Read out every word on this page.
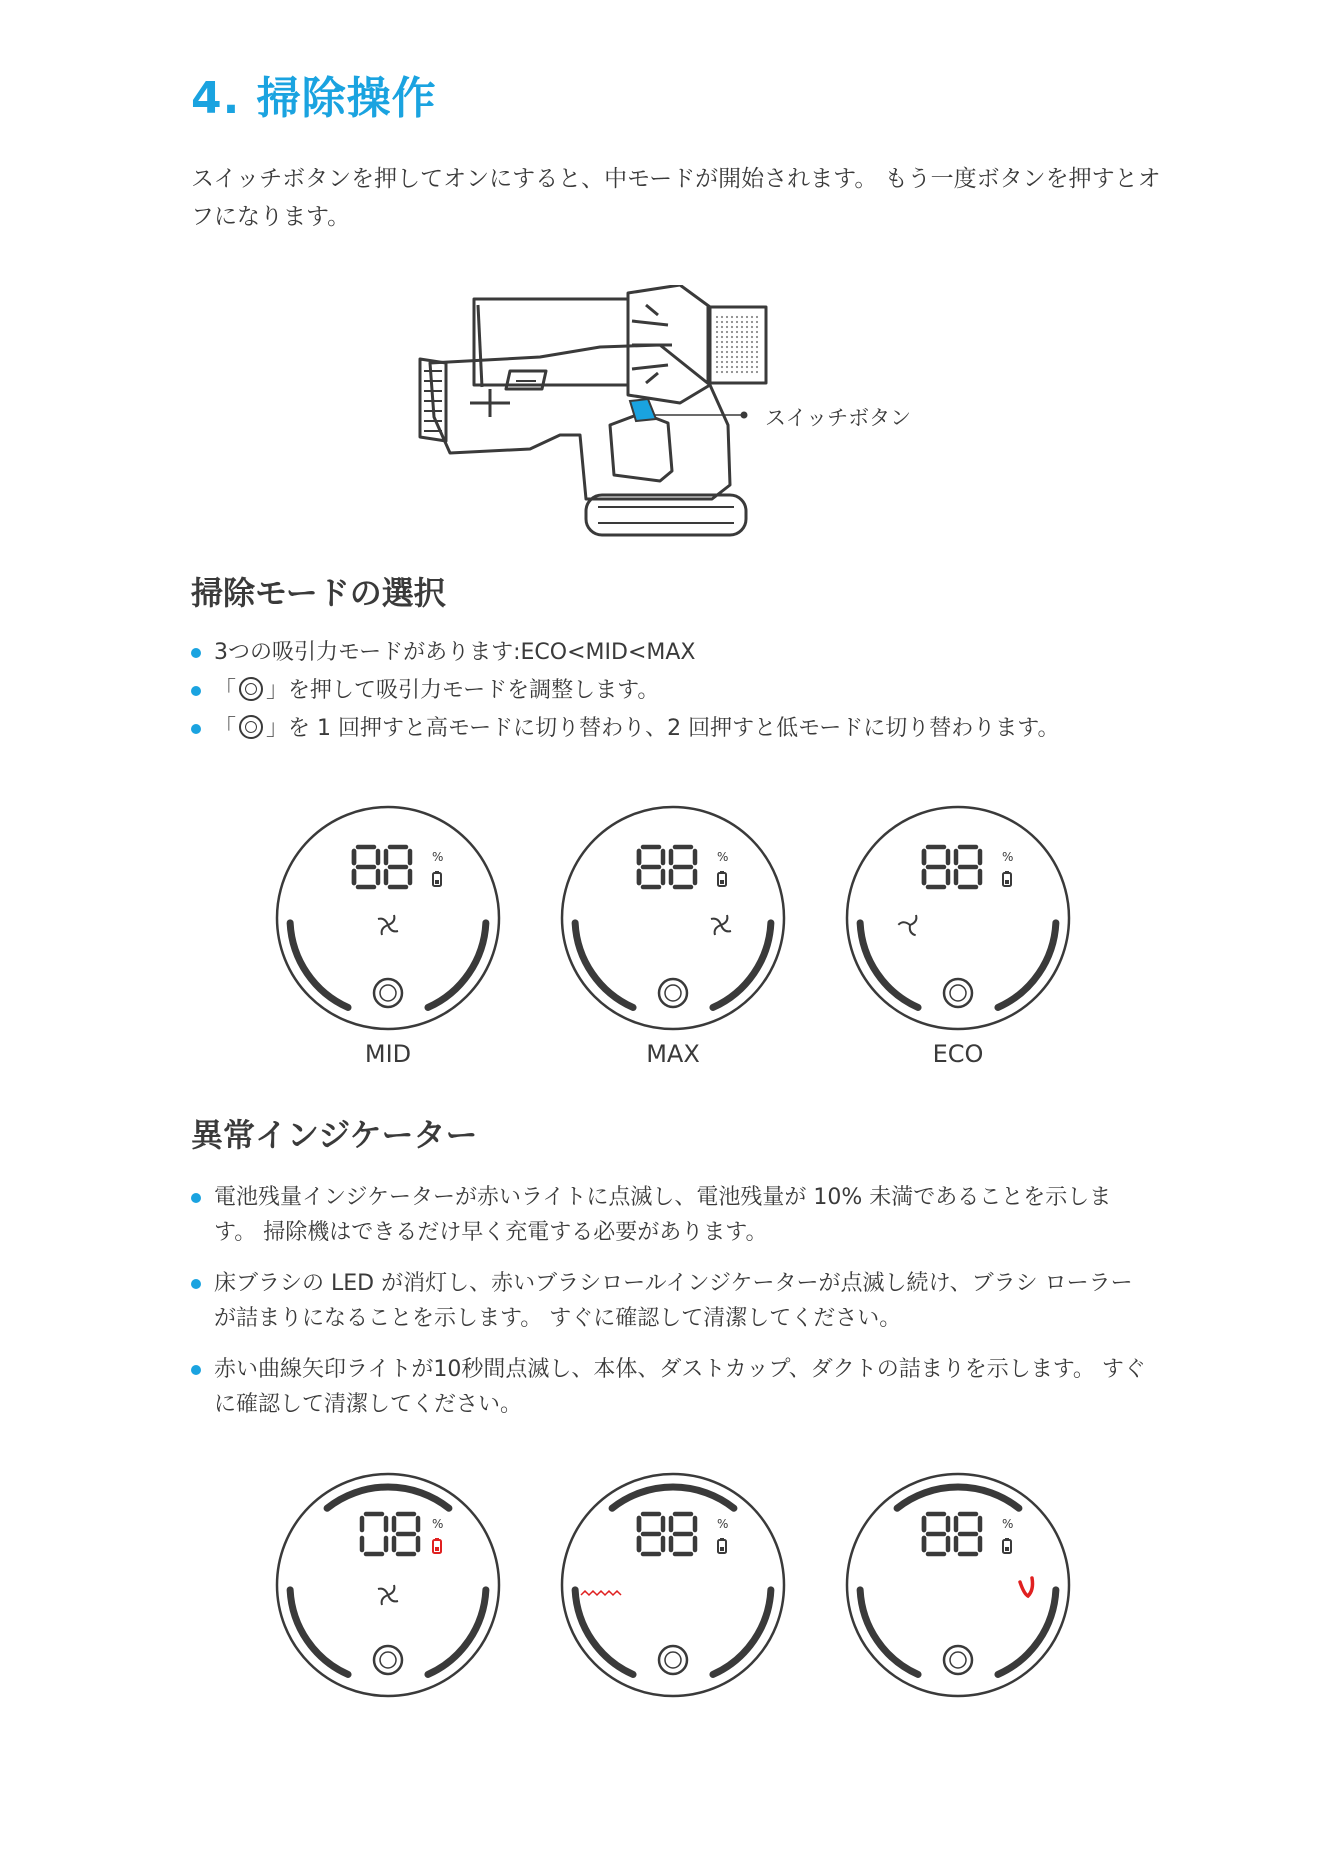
4. 掃除操作

スイッチボタンを押してオンにすると、中モードが開始されます。 もう一度ボタンを押すとオフになります。

スイッチボタン
掃除モードの選択
3つの吸引力モードがあります:ECO<MID<MAX
「 」を押して吸引力モードを調整します。
「 」を 1 回押すと高モードに切り替わり、2 回押すと低モードに切り替わります。
%	%	%
MID	MAX	ECO
異常インジケーター
電池残量インジケーターが赤いライトに点滅し、電池残量が 10% 未満であることを示します。 掃除機はできるだけ早く充電する必要があります。
床ブラシの LED が消灯し、赤いブラシロールインジケーターが点滅し続け、ブラシ ローラーが詰まりになることを示します。 すぐに確認して清潔してください。
赤い曲線矢印ライトが10秒間点滅し、本体、ダストカップ、ダクトの詰まりを示します。 すぐに確認して清潔してください。
%	%	%
